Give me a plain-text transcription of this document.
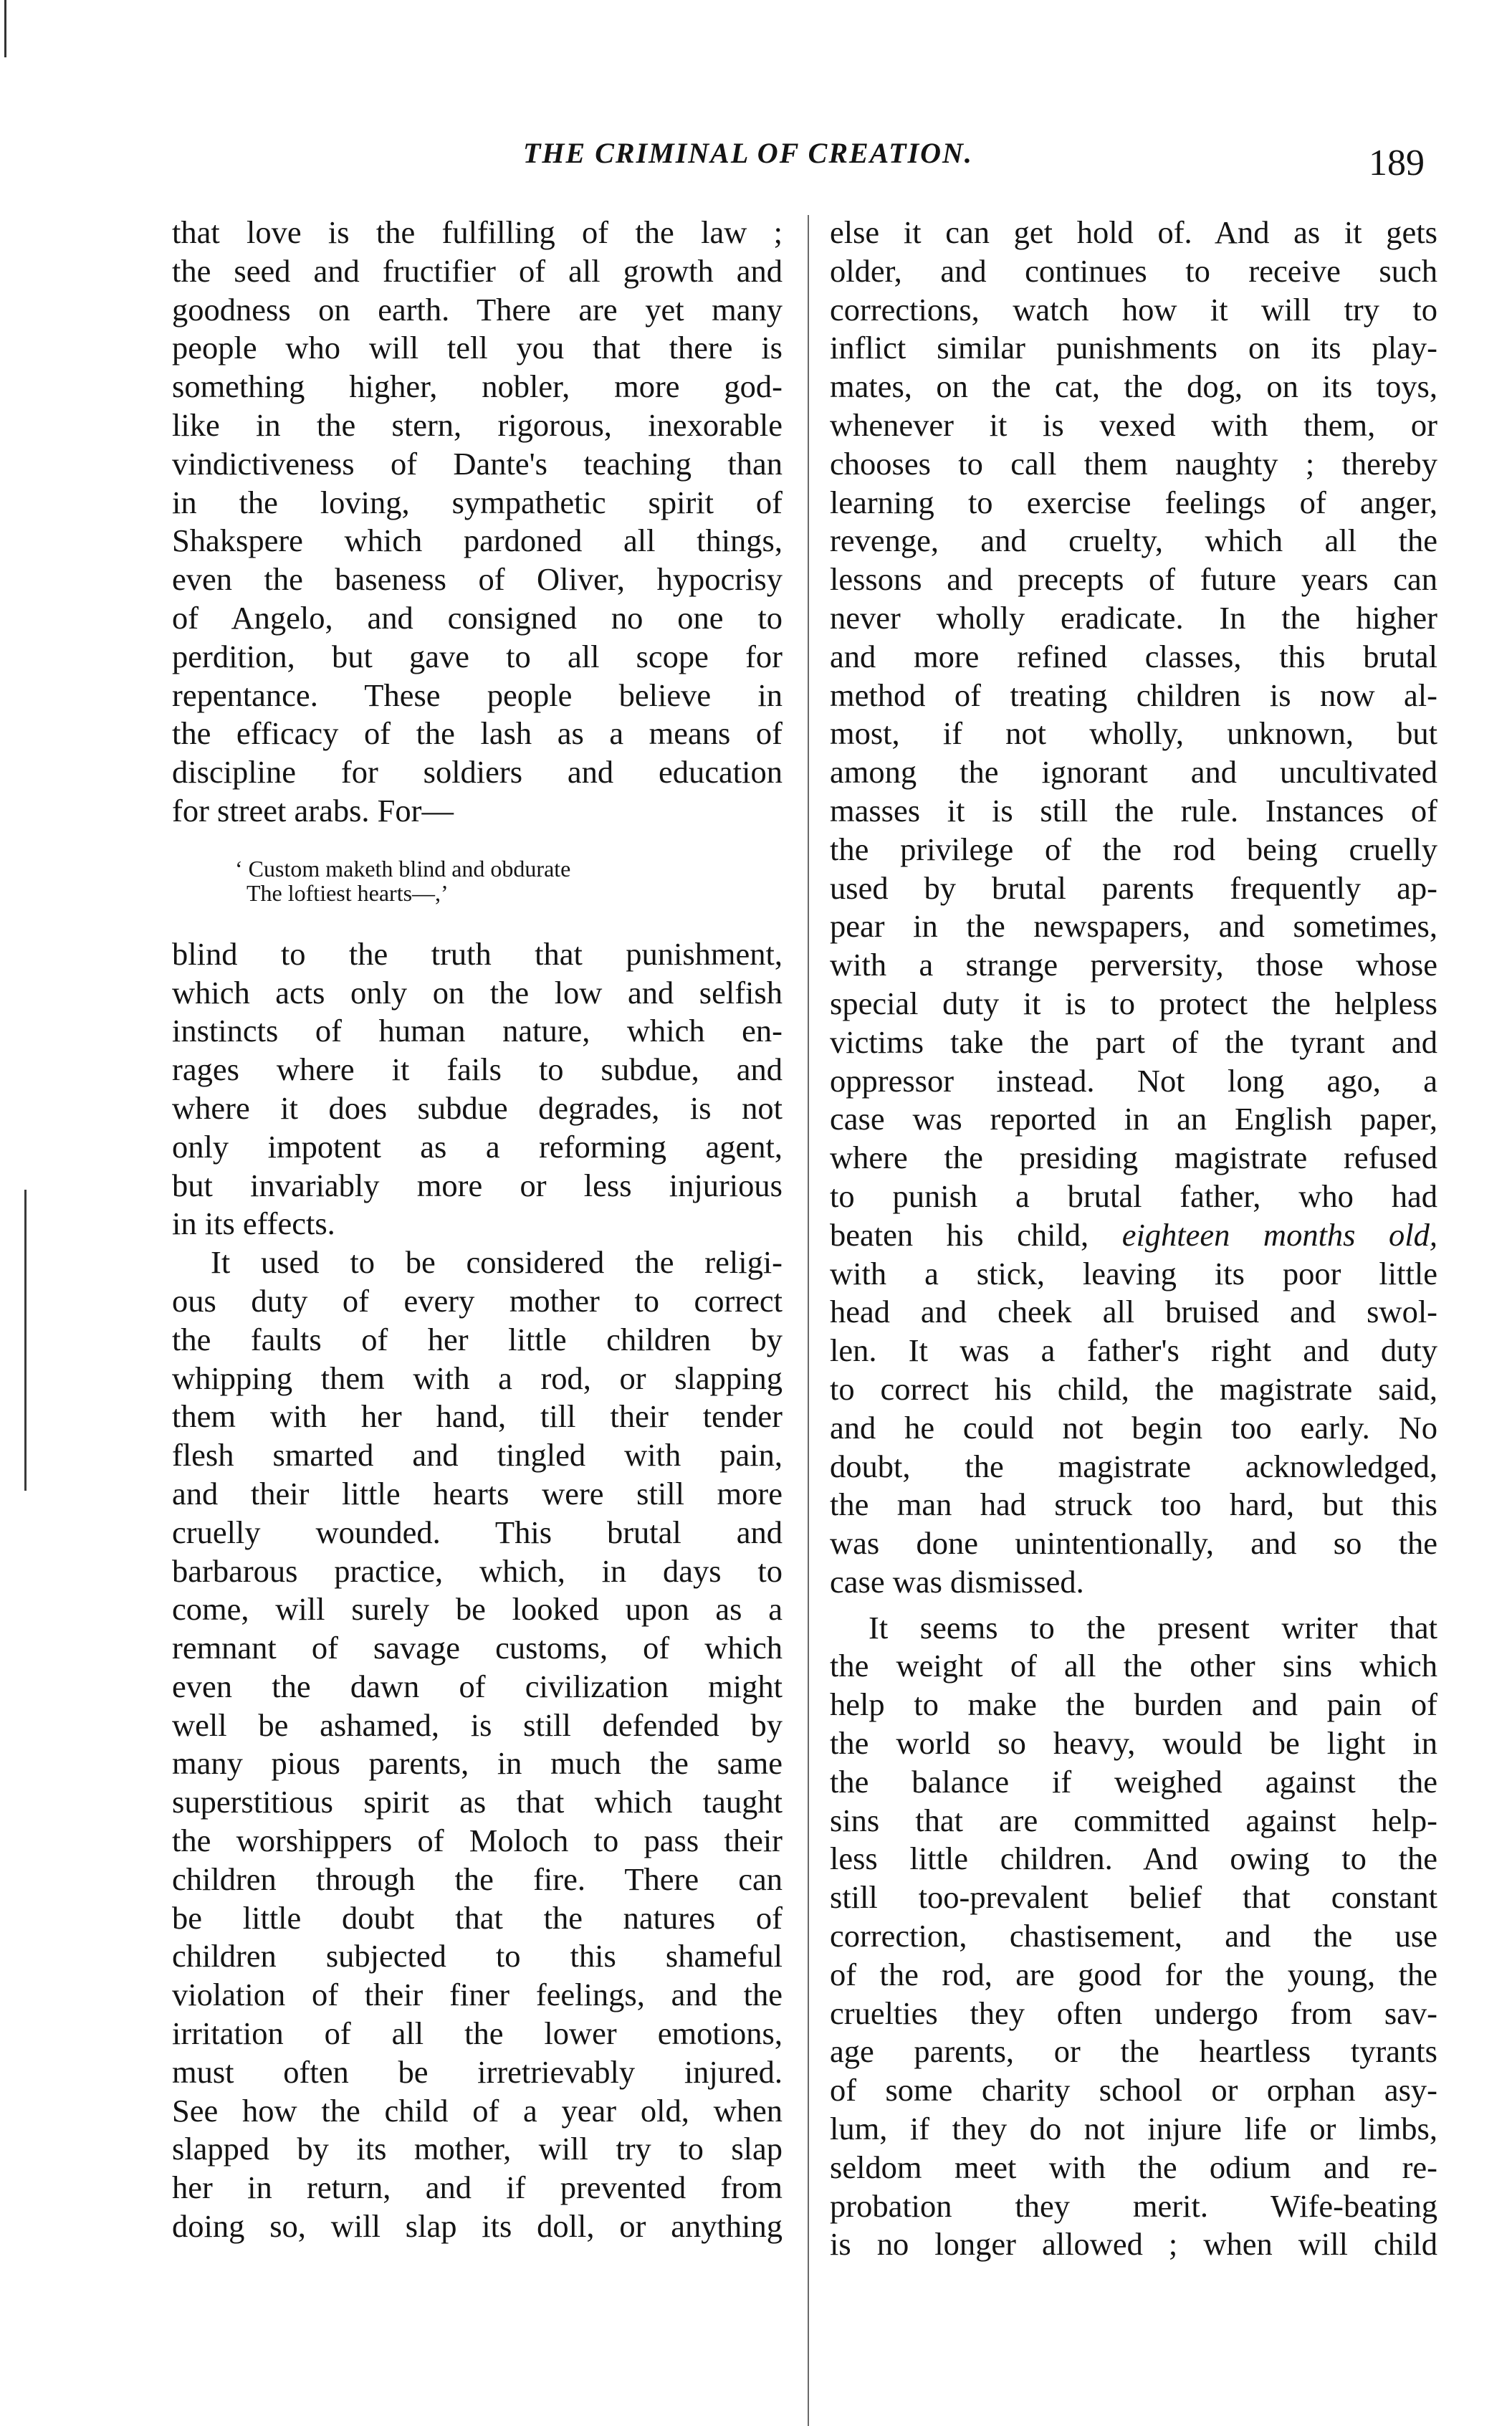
THE CRIMINAL OF CREATION.	189
that love is the fulfilling of the law ;
the seed and fructifier of all growth and
goodness on earth. There are yet many
people who will tell you that there is
something higher, nobler, more god-
like in the stern, rigorous, inexorable
vindictiveness of Dante's teaching than
in the loving, sympathetic spirit of
Shakspere which pardoned all things,
even the baseness of Oliver, hypocrisy
of Angelo, and consigned no one to
perdition, but gave to all scope for
repentance. These people believe in
the efficacy of the lash as a means of
discipline for soldiers and education
for street arabs. For—
‘ Custom maketh blind and obdurate
The loftiest hearts—,’
blind to the truth that punishment,
which acts only on the low and selfish
instincts of human nature, which en-
rages where it fails to subdue, and
where it does subdue degrades, is not
only impotent as a reforming agent,
but invariably more or less injurious
in its effects.
It used to be considered the religi-
ous duty of every mother to correct
the faults of her little children by
whipping them with a rod, or slapping
them with her hand, till their tender
flesh smarted and tingled with pain,
and their little hearts were still more
cruelly wounded. This brutal and
barbarous practice, which, in days to
come, will surely be looked upon as a
remnant of savage customs, of which
even the dawn of civilization might
well be ashamed, is still defended by
many pious parents, in much the same
superstitious spirit as that which taught
the worshippers of Moloch to pass their
children through the fire. There can
be little doubt that the natures of
children subjected to this shameful
violation of their finer feelings, and the
irritation of all the lower emotions,
must often be irretrievably injured.
See how the child of a year old, when
slapped by its mother, will try to slap
her in return, and if prevented from
doing so, will slap its doll, or anything
else it can get hold of. And as it gets
older, and continues to receive such
corrections, watch how it will try to
inflict similar punishments on its play-
mates, on the cat, the dog, on its toys,
whenever it is vexed with them, or
chooses to call them naughty ; thereby
learning to exercise feelings of anger,
revenge, and cruelty, which all the
lessons and precepts of future years can
never wholly eradicate. In the higher
and more refined classes, this brutal
method of treating children is now al-
most, if not wholly, unknown, but
among the ignorant and uncultivated
masses it is still the rule. Instances of
the privilege of the rod being cruelly
used by brutal parents frequently ap-
pear in the newspapers, and sometimes,
with a strange perversity, those whose
special duty it is to protect the helpless
victims take the part of the tyrant and
oppressor instead. Not long ago, a
case was reported in an English paper,
where the presiding magistrate refused
to punish a brutal father, who had
beaten his child, eighteen months old,
with a stick, leaving its poor little
head and cheek all bruised and swol-
len. It was a father's right and duty
to correct his child, the magistrate said,
and he could not begin too early. No
doubt, the magistrate acknowledged,
the man had struck too hard, but this
was done unintentionally, and so the
case was dismissed.
It seems to the present writer that
the weight of all the other sins which
help to make the burden and pain of
the world so heavy, would be light in
the balance if weighed against the
sins that are committed against help-
less little children. And owing to the
still too-prevalent belief that constant
correction, chastisement, and the use
of the rod, are good for the young, the
cruelties they often undergo from sav-
age parents, or the heartless tyrants
of some charity school or orphan asy-
lum, if they do not injure life or limbs,
seldom meet with the odium and re-
probation they merit. Wife-beating
is no longer allowed ; when will child
